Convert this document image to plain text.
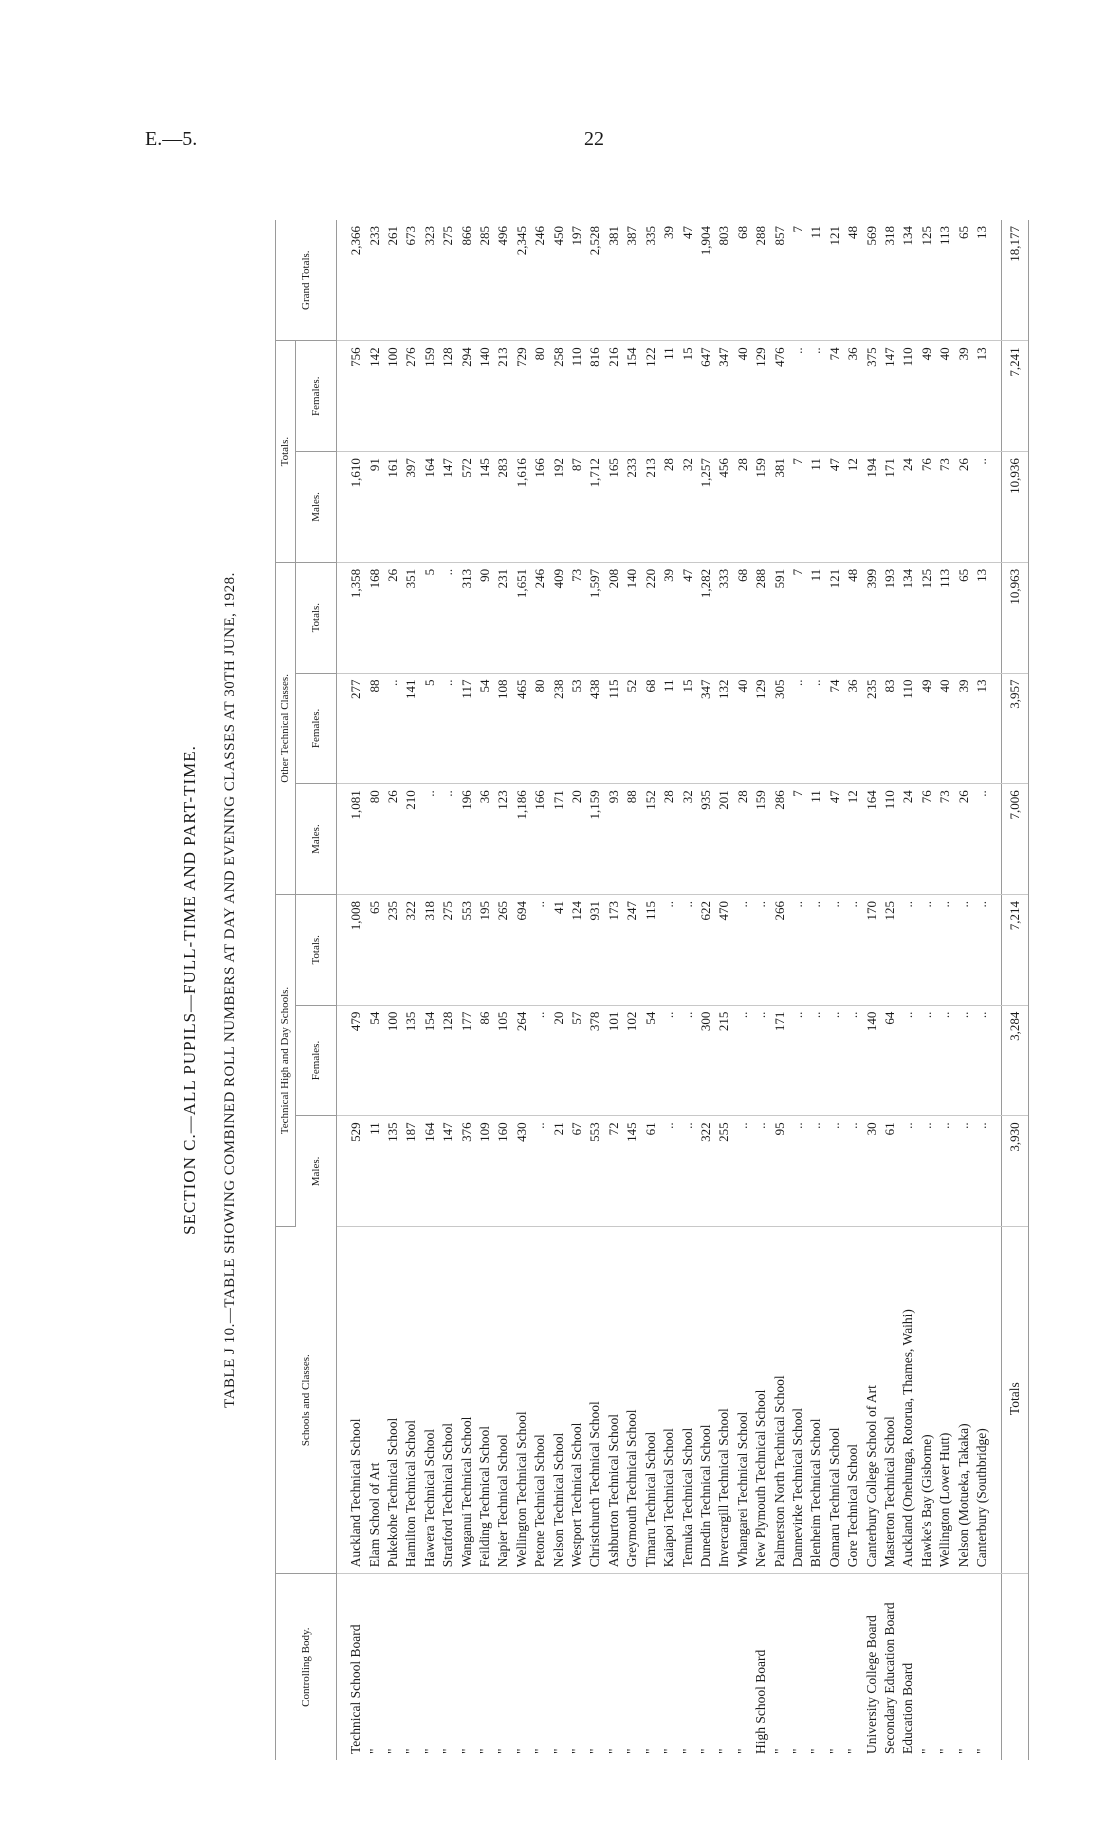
E.—5.	22
SECTION C.—ALL PUPILS—FULL-TIME AND PART-TIME. TABLE J 10.—TABLE SHOWING COMBINED ROLL NUMBERS AT DAY AND EVENING CLASSES AT 30TH JUNE, 1928.
Controlling Body.	Schools and Classes.	Technical High and Day Schools.			Other Technical Classes.			Totals.		Grand Totals.
		Males.	Females.	Totals.	Males.	Females.	Totals.	Males.	Females.	

Technical School Board	Auckland Technical School	529	479	1,008	1,081	277	1,358	1,610	756	2,366
"	Elam School of Art	11	54	65	80	88	168	91	142	233
"	Pukekohe Technical School	135	100	235	26	..	26	161	100	261
"	Hamilton Technical School	187	135	322	210	141	351	397	276	673
"	Hawera Technical School	164	154	318	..	5	5	164	159	323
"	Stratford Technical School	147	128	275	..	..	..	147	128	275
"	Wanganui Technical School	376	177	553	196	117	313	572	294	866
"	Feilding Technical School	109	86	195	36	54	90	145	140	285
"	Napier Technical School	160	105	265	123	108	231	283	213	496
"	Wellington Technical School	430	264	694	1,186	465	1,651	1,616	729	2,345
"	Petone Technical School	..	..	..	166	80	246	166	80	246
"	Nelson Technical School	21	20	41	171	238	409	192	258	450
"	Westport Technical School	67	57	124	20	53	73	87	110	197
"	Christchurch Technical School	553	378	931	1,159	438	1,597	1,712	816	2,528
"	Ashburton Technical School	72	101	173	93	115	208	165	216	381
"	Greymouth Technical School	145	102	247	88	52	140	233	154	387
"	Timaru Technical School	61	54	115	152	68	220	213	122	335
"	Kaiapoi Technical School	..	..	..	28	11	39	28	11	39
"	Temuka Technical School	..	..	..	32	15	47	32	15	47
"	Dunedin Technical School	322	300	622	935	347	1,282	1,257	647	1,904
"	Invercargill Technical School	255	215	470	201	132	333	456	347	803
"	Whangarei Technical School	..	..	..	28	40	68	28	40	68
High School Board	New Plymouth Technical School	..	..	..	159	129	288	159	129	288
"	Palmerston North Technical School	95	171	266	286	305	591	381	476	857
"	Dannevirke Technical School	..	..	..	7	..	7	7	..	7
"	Blenheim Technical School	..	..	..	11	..	11	11	..	11
"	Oamaru Technical School	..	..	..	47	74	121	47	74	121
"	Gore Technical School	..	..	..	12	36	48	12	36	48
University College Board	Canterbury College School of Art	30	140	170	164	235	399	194	375	569
Secondary Education Board	Masterton Technical School	61	64	125	110	83	193	171	147	318
Education Board	Auckland (Onehunga, Rotorua, Thames, Waihi)	..	..	..	24	110	134	24	110	134
"	Hawke's Bay (Gisborne)	..	..	..	76	49	125	76	49	125
"	Wellington (Lower Hutt)	..	..	..	73	40	113	73	40	113
"	Nelson (Motueka, Takaka)	..	..	..	26	39	65	26	39	65
"	Canterbury (Southbridge)	..	..	..	..	13	13	..	13	13

	Totals	3,930	3,284	7,214	7,006	3,957	10,963	10,936	7,241	18,177
